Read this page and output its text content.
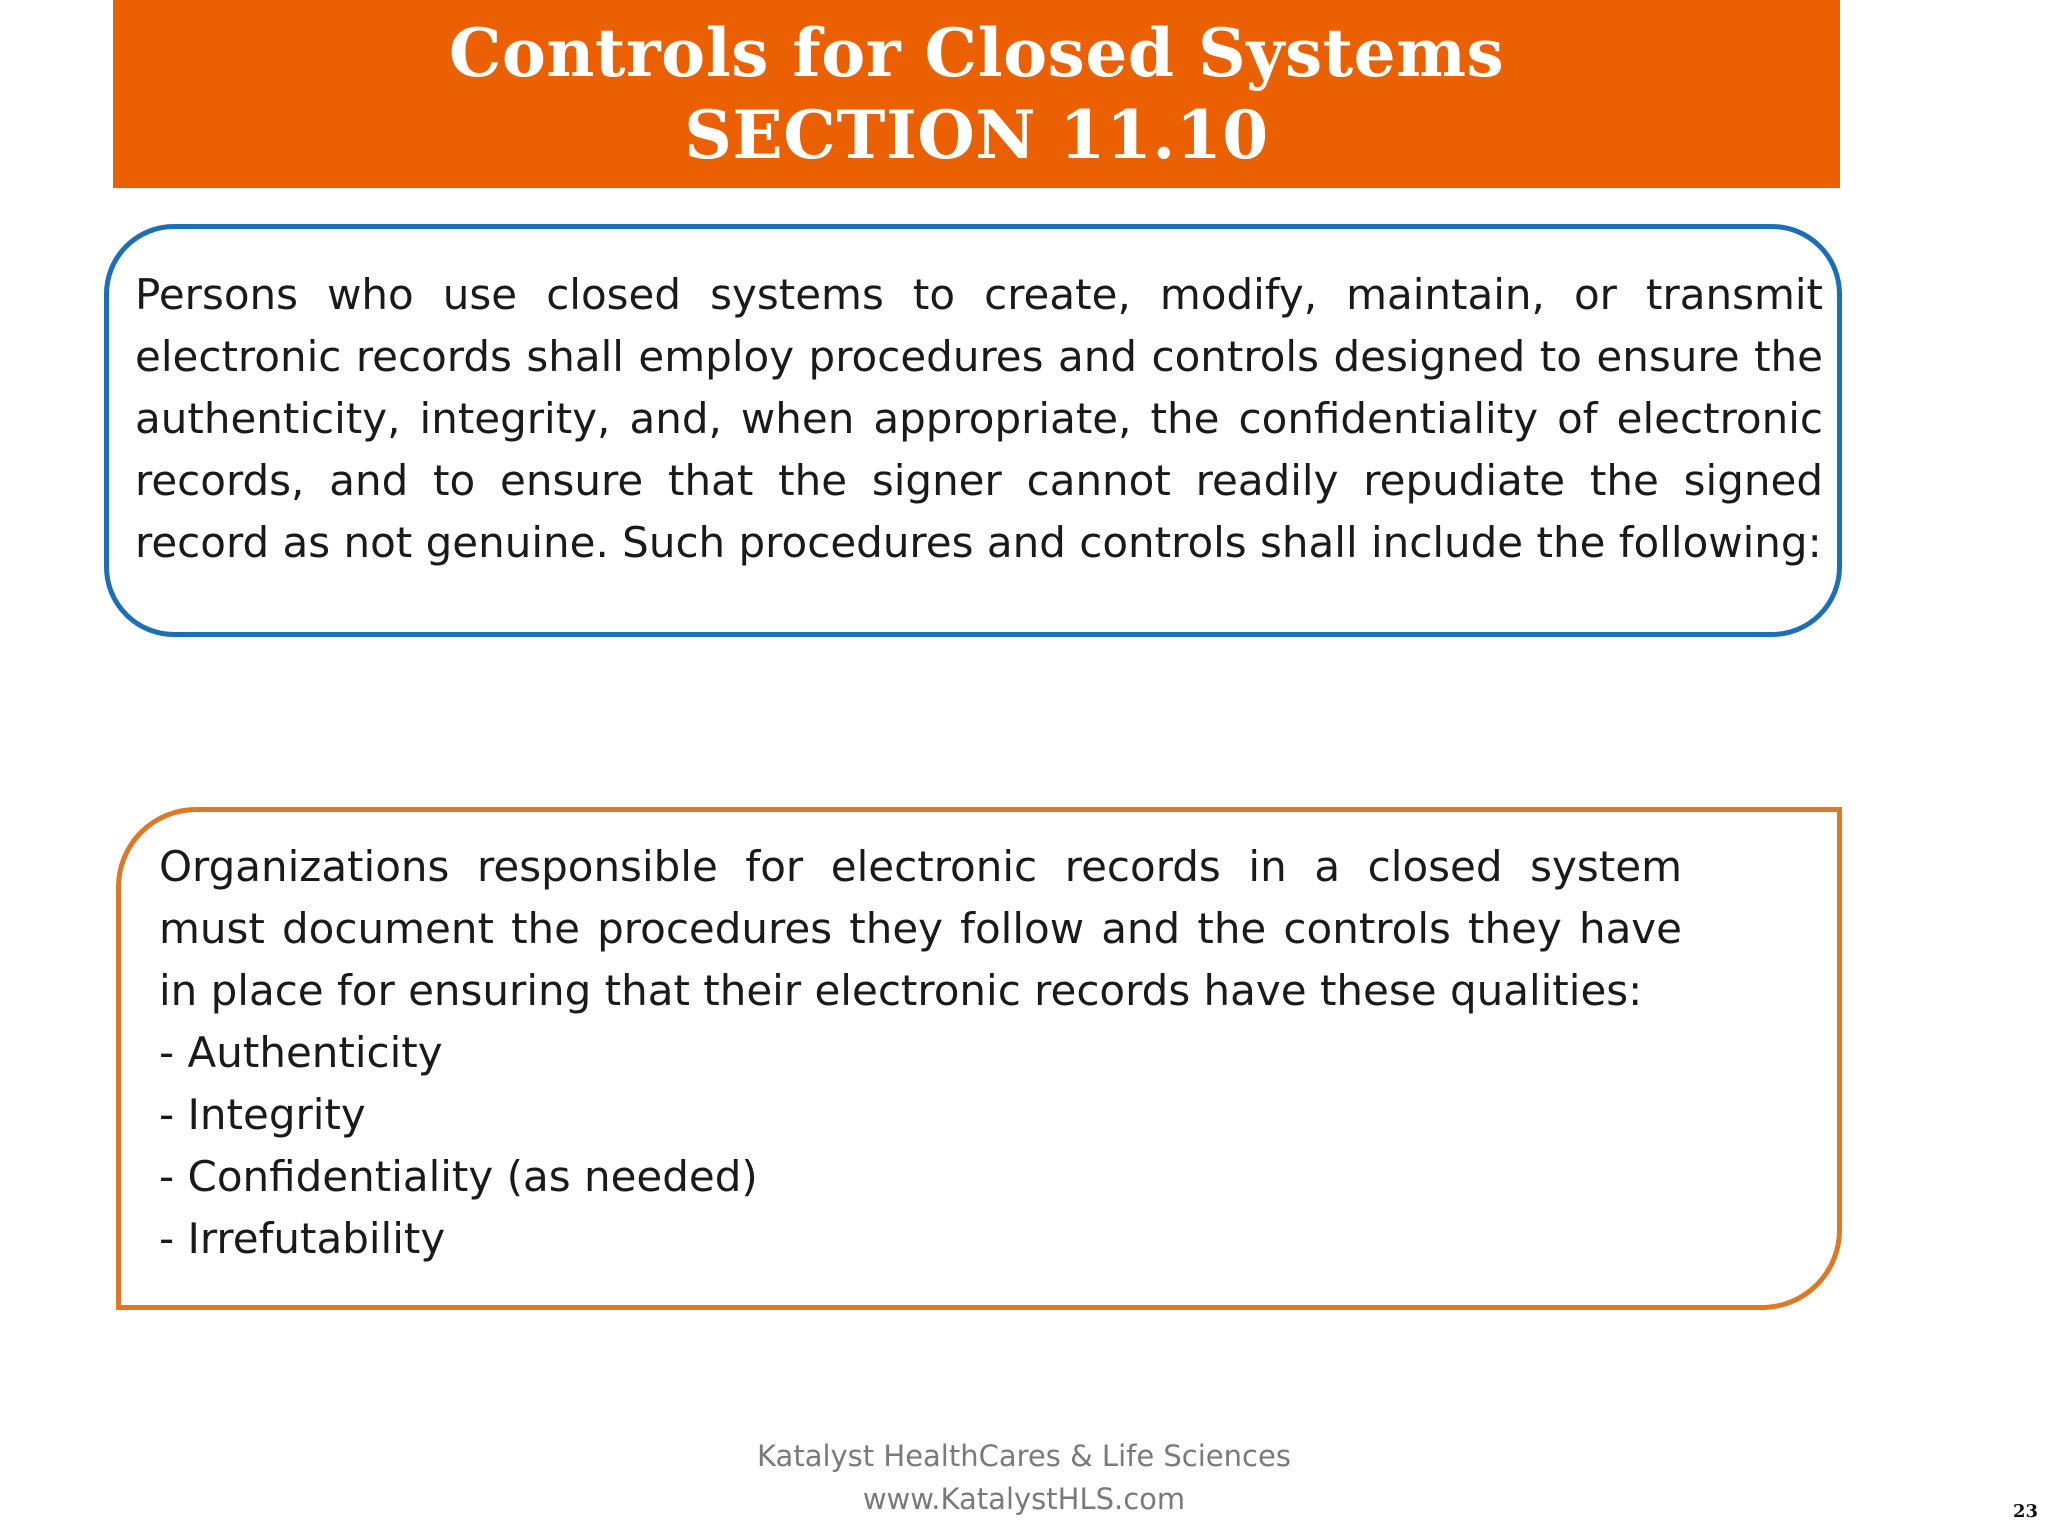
Controls for Closed Systems
SECTION 11.10
Persons who use closed systems to create, modify, maintain, or transmit electronic records shall employ procedures and controls designed to ensure the authenticity, integrity, and, when appropriate, the confidentiality of electronic records, and to ensure that the signer cannot readily repudiate the signed record as not genuine. Such procedures and controls shall include the following:
Organizations responsible for electronic records in a closed system must document the procedures they follow and the controls they have in place for ensuring that their electronic records have these qualities:
- Authenticity
- Integrity
- Confidentiality (as needed)
- Irrefutability
Katalyst HealthCares & Life Sciences
www.KatalystHLS.com	23
